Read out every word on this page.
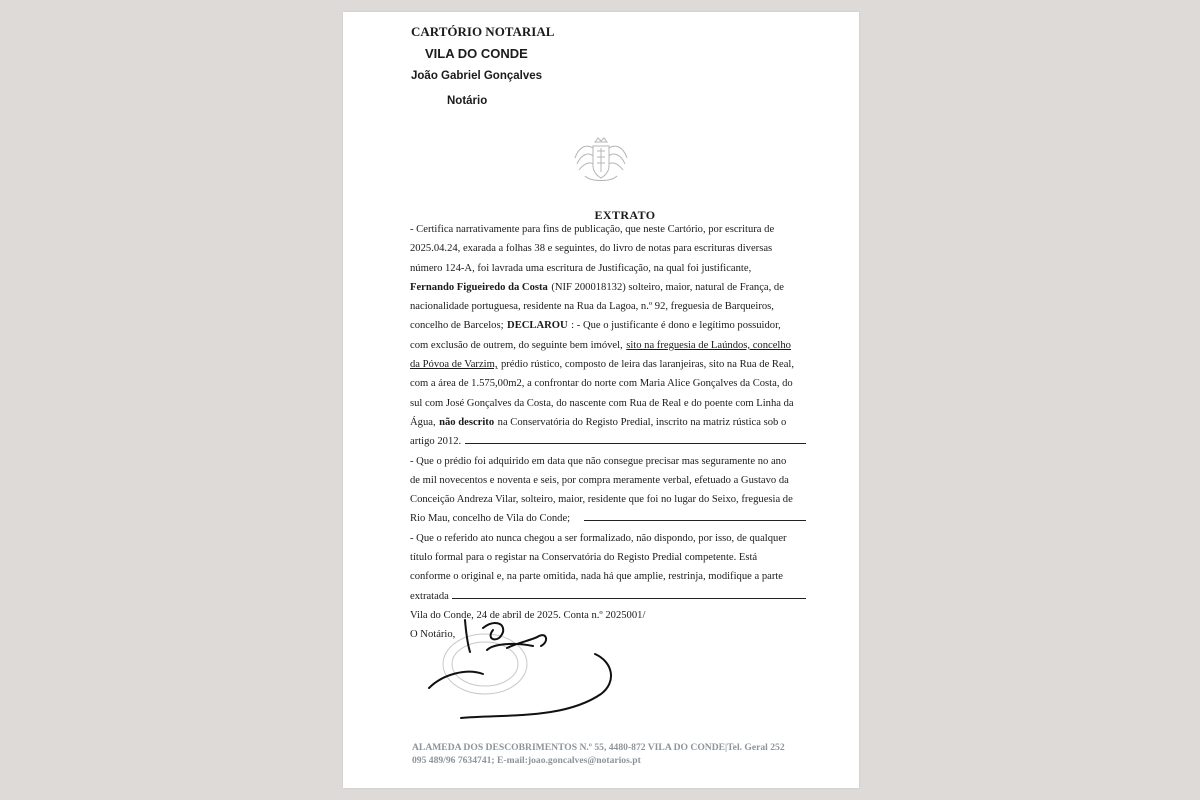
CARTÓRIO NOTARIAL
VILA DO CONDE
João Gabriel Gonçalves
Notário
EXTRATO
- Certifica narrativamente para fins de publicação, que neste Cartório, por escritura de
2025.04.24, exarada a folhas 38 e seguintes, do livro de notas para escrituras diversas
número 124-A, foi lavrada uma escritura de Justificação, na qual foi justificante,
Fernando Figueiredo da Costa (NIF 200018132) solteiro, maior, natural de França, de
nacionalidade portuguesa, residente na Rua da Lagoa, n.º 92, freguesia de Barqueiros,
concelho de Barcelos; DECLAROU : - Que o justificante é dono e legítimo possuidor,
com exclusão de outrem, do seguinte bem imóvel, sito na freguesia de Laúndos, concelho
da Póvoa de Varzim, prédio rústico, composto de leira das laranjeiras, sito na Rua de Real,
com a área de 1.575,00m2, a confrontar do norte com Maria Alice Gonçalves da Costa, do
sul com José Gonçalves da Costa, do nascente com Rua de Real e do poente com Linha da
Água, não descrito na Conservatória do Registo Predial, inscrito na matriz rústica sob o
artigo 2012.
- Que o prédio foi adquirido em data que não consegue precisar mas seguramente no ano
de mil novecentos e noventa e seis, por compra meramente verbal, efetuado a Gustavo da
Conceição Andreza Vilar, solteiro, maior, residente que foi no lugar do Seixo, freguesia de
Rio Mau, concelho de Vila do Conde;
- Que o referido ato nunca chegou a ser formalizado, não dispondo, por isso, de qualquer
título formal para o registar na Conservatória do Registo Predial competente. Está
conforme o original e, na parte omitida, nada há que amplie, restrinja, modifique a parte
extratada
Vila do Conde, 24 de abril de 2025. Conta n.º 2025001/
O Notário,
ALAMEDA DOS DESCOBRIMENTOS N.º 55, 4480-872 VILA DO CONDE|Tel. Geral 252
095 489/96 7634741; E-mail:joao.goncalves@notarios.pt
